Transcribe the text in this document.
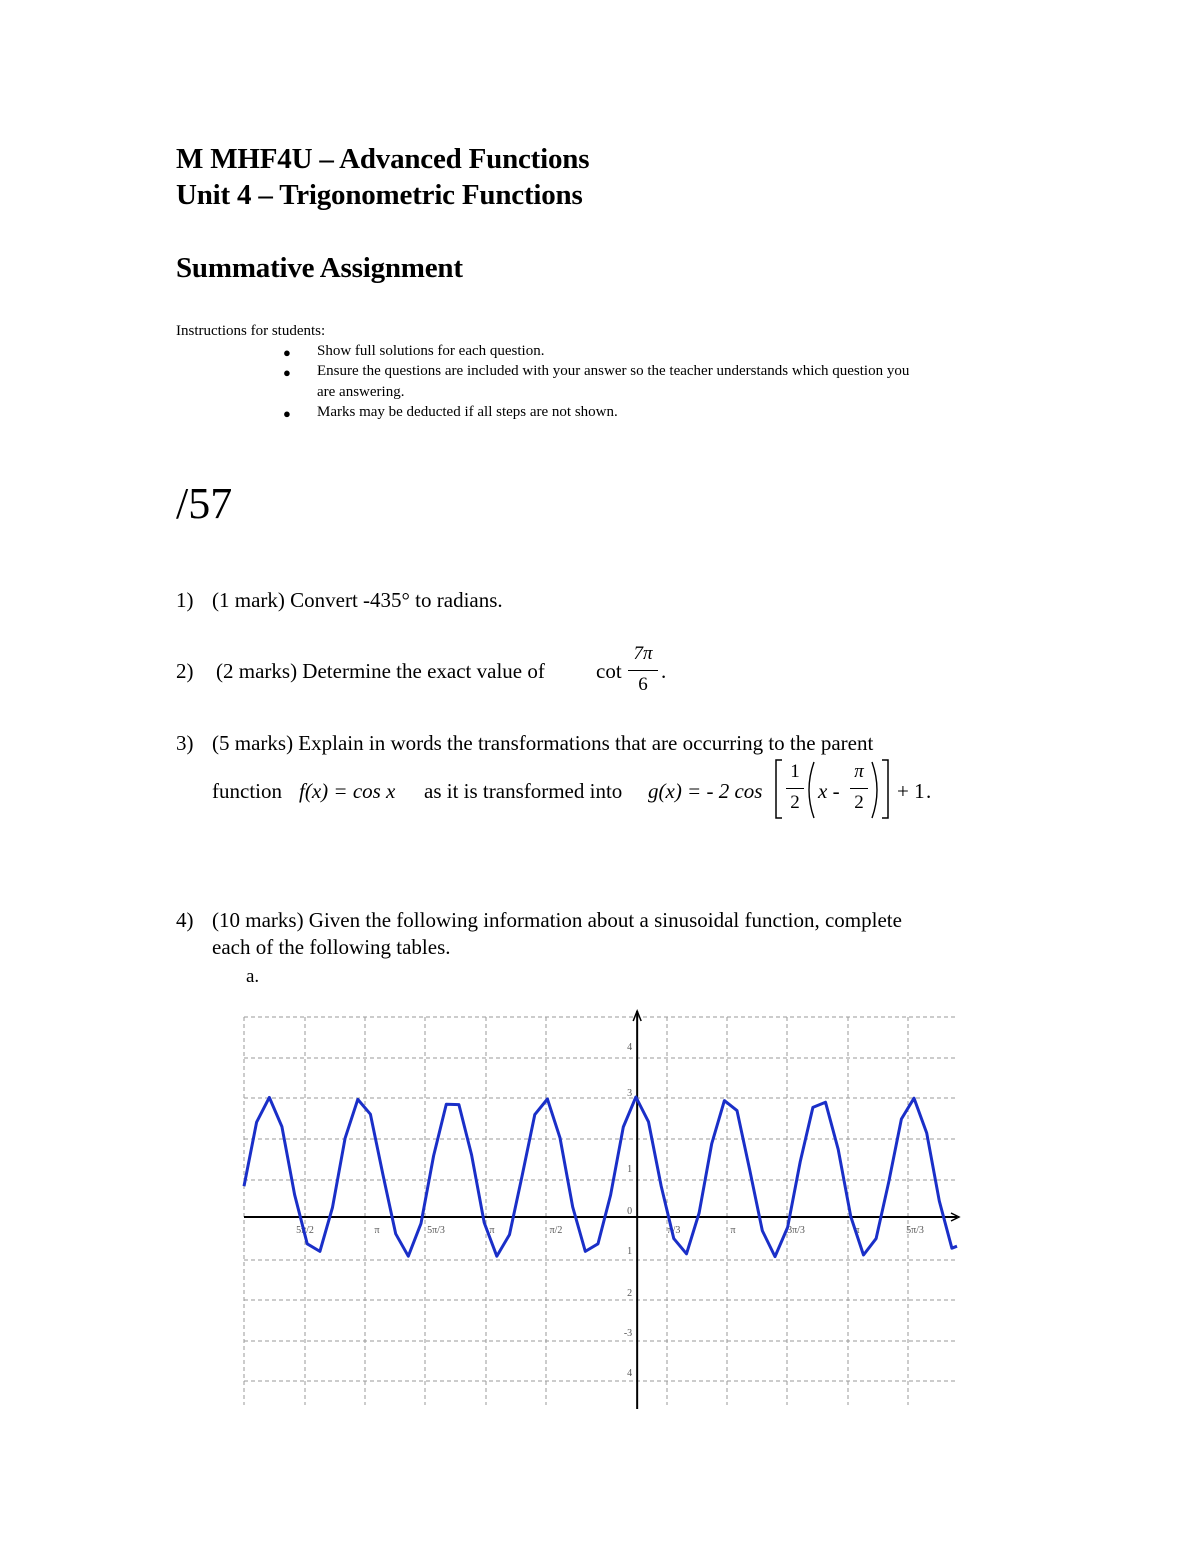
M MHF4U – Advanced Functions
Unit 4 – Trigonometric Functions
Summative Assignment
Instructions for students:
● Show full solutions for each question.
● Ensure the questions are included with your answer so the teacher understands which question you
are answering.
● Marks may be deducted if all steps are not shown.
/57
1) (1 mark) Convert -435° to radians.
2) (2 marks) Determine the exact value of cot
7π
6
.
3) (5 marks) Explain in words the transformations that are occurring to the parent
function f(x) = cos x as it is transformed into g(x) = - 2 cos
1
2 x -
π
2	+ 1 .
4) (10 marks) Given the following information about a sinusoidal function, complete
each of the following tables.
a.
4
3
1
0
1
2
-3
4
5π/2	π	5π/3	π	π/2	π/3	π	3π/3	π	5π/3
